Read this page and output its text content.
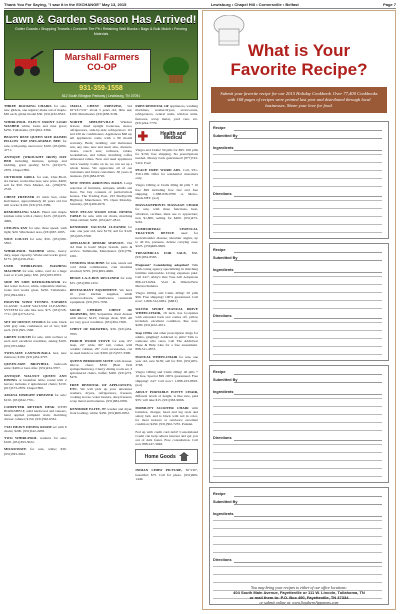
Thank You For Saying, "I saw it in the EXCHANGE" May 13, 2015	Lewisburg • Chapel Hill • Cornersville • Belfast	Page 7
Lawn & Garden Season Has Arrived!
Gutter Guards • Shopping Trowels • Concrete Tire Pit • Retaining Wall Blocks • Bags & Bulk Mulch • Fencing Materials
Marshall Farmers
CO-OP
931-359-1558
812 South Ellington Parkway | Lewisburg, TN 37091

THREE ROCKING CHAIRS for sale, new gliders, one regular; make out of maple. $65 each; glider model $30. (931)232-8522.

WHIRLPOOL ELECT FRONT LOAD WASHER white, looks and runs great; $250. Tullahoma. (931)841-3366.

BEAUTY REST QUEEN SIZE RAISED PILLOW TOP INFLATABLE BED for sale, with pump, used once; $100. (931)684-4771.

ANTIQUE (WROUGHT IRON) DAY BED including mattress, springs and bedding, great quality; $175. (615)573-2879. Chapel Hill.

OUTDOOR GRILL for sale, Char-Broil, six burner, works like new, new price, $400; sell for $50. New Market, AL. (256)379-2518.

CHEST FREEZER 25 cubic feet, older Kelvinator, approximately 40 years old but still works; $100. (931)722-3389.

REMODELING SALE. Hand and maple kitchen table with 4 chairs; $125. (931)433-4969.

CEILING FAN for sale, three speed, with light; $20. Winchester area. (931)967-1695.

NICE COUCH for sale; $50. (931)580-5852.

WHIRLPOOL WASHER white, heavy duty, super capacity. Works and works great; $175. (931)259-2541.

USED WHIRLPOOL WASHING MACHINE for sale, white, can't do a huge load or it will jump; $50. (931)583-8703.

SIDE BY SIDE REFRIGERATOR ice and water in door, white, adjustable shelves, looks and works great, $250. Tullahoma. (931)394-9021.

HOOVER WIND TUNNEL T-SERIES CLASSIC 3-AMP VACUUM CLEANING SYSTEM for sale like new, $75. (931)728-7711. (931)273-6174.

SET OF OFFICE STOOLS for sale, black with gray side, cushioned, set of two; $40 each. (931)595-1568.

GREEN COUCH for sale, with recliner at each end; excellent condition, asking $100. (931)703-6662.

TWIN-SIZE CANNON-BALL bed, new mattress; $100. (931)434-3707.

QUEEN-SIZE BROYHILL bedroom suite; $400 or best offer. (931)434-3707.

ANTIQUE WALNUT QUEEN ANN DINING or breakfast table, round with 2 leaves; includes 2 upholstered chairs; $150. (615)573-2879. Chapel Hill.

AMANA UPRIGHT FREEZER for sale; $150. (931)842-7701.

COMPUTER RETURN DESK WITH BOOKSHELF, solid hardwood and veneers, hand applied pumpkin stain, matching drawer cabinet; $150. (931)592-6561.

7/181 HEAVY DINING ROOM set with 6 chairs; $200. (931)542-2208.

TWO WHIRLPOOL washers for sale; $100. (931)393-3022.

MICROWAVE for sale, white; $30. (931)393-3022.

SMALL CHEST FREEZER, 5x2 26"x31"x31" about 5 years old, little use; $100. Manchester. (931)636-3109.

NORTH SHELBYVILLE Windsor drawer, dried upright bookcase, stereo, refrigerators, side-by-side refrigerators 110 and 220 air conditioners. Appliances $60 up. All appliances come with a 90 month warranty. Beds; bedding; and mattresses sets, any size, new and used; also, dressers, chairs, couch sets; recliners, tables, bookshelves, end tables; matching coffee tables/end tables. New and used appliances twice weekly. Come on in, we can set up a whole house. We appreciate all of our customers and future customers. 30 years in business. (931)684-8720.

NEW ITEMS ARRIVING DAILY. Large selection of furniture, antiques, smalls and more. We buy contents of partial/whole houses. The Trading Post, 193 Shelbyville Highway, Manchester, TN. Open Monday-Saturday. (931)409-2676.

NICE PECAN WOOD OVAL DINING TABLE for sale, with six chairs, matching china cabinet; $450. (931)427-2812.

KENMORE VACUUM CLEANER for sale, one year old, new $179; sell for $120. (931)205-3768.

APPLIANCE REPAIR SERVICE. The old man is back! Major brands, parts & service. Tullahoma, Manchester. (931)739-2261.

VENDING MACHINE for sale, snack and cold drink combination, coin machine attached; $795. (931)993-4686.

BEIGE LA-Z-BOY RECLINER for sale; $25. (931)389-1452.

RESTAURANT EQUIPMENT. We have all your kitchen supplies, small wares/cookware, smallwares, restaurant equipment. (931)355-7050.

SOLID CHERRY CHEST OF DRAWERS, $80; Serpentine chest dresser with mirror; $125; vintage chair, $50. All are very good condition. (931)364-7368.

CHEST OF DRAWERS, $30. (931)434-7095.

PORCH WOOD STOVE for sale, 65" deep, 24" wide, 60" tall, comes with ceramic cabinet, 26" cord accessories, can be used inside or out; $300. (615)557-3390.

QUEEN BEDROOM SUITE with dresser, mirror, chest; $350 (Best firm springs/mattress). Cherry dining room set, 6 upholstered chairs, buffet; $400. (931)273-8476.

FREE REMOVAL OF APPLIANCES, ETC. We will pick up your unwanted washers, dryers, refrigerators, freezers, cooking stoves, water heaters, deep freezers, scrap metal and batteries. (931)684-0050.

KENMORE ELITE, HE washer and dryer, front loading, white; $450. (931)609-0052.

FREE REMOVAL OF appliances, washing machines, washer/dryers, stove/ovens, refrigerators, central units, window units, furnaces, scrap metal, yard care, etc. (931)244-7779.

Health and Medical

Viagra and Cialis! 50 pills for $95. 100 pills for $150, free shipping. No prescriptions needed. Money back guaranteed! (877)743-5419. Fast!

PEACE FREE WORD ADS. Call, 931-359-1188. Offer for residential customers only.

Viagra 100mg or Cialis 20mg 40 pills + 10 free $99 including free fast and free shipping. 1-888-836-0780 or Metro-Meds.NET. (not)

MASSAGEPRINTS MASSAGE CHAIR for sale, with three functions, heat, vibration, recliner, must see to appreciate; new $1,800, selling for $400. (931)473-9261.

COMFORTRAC CERVICAL TRACTION DEVICE used for neck/shoulder disease, shoulder angles, up to 40 lbs, pressure, deluxe carrying case; $225. (256)469-9605.

TREADMILLS FOR SALE, $50. (931)934-8565.

Pregnant? Considering adoption? Talk with caring agency specializing in matching families nationwide. Living expenses paid. Call 24/7, Abby's One True Gift Adoptions 866-413-6294. Void in Illinois/New Mexico/Indiana.

Viagra 100mg and Cialis 20mg! 50 pills $99. Free shipping! 100% guaranteed. Call now! 1-866-312-6061. (MRT)

SILVER SPORT MANUAL DRIVE WHEELCHAIR, 18 inch, has footplates with extended back rest comes off, pillow included, excellent condition, like new. $200. (931)222-4011.

Stop OTRs and other prescription drugs for adults, gingling? Addicted to pills? Talk to someone who cares. Call The Addiction Hope & Help Line for a free assessment. 888-511-4873.

MANUAL WHEELCHAIR for sale, one year old, new $130; sell for $50. (931)205-3768.

Viagra 100mg and Cialis 20mg! 40 pills + 10 free. Special $99 100% guaranteed. Free shipping! 24/7 Call now! 1-888-223-8818. (not)

ADULT PORTABLE POTTY CHAIR, different levels of height, is like new, paid $35; will take $15. (931)363-9666.

MOBILITY SCOOTER CHAIR with batteries, charger, head and leg rests and safety belt, and is black with red in color, for most indoors or outdoors; excellent condition; $450. (931)302-7235. Pulaski.

Fed up with credit card debt? Consolidated Credit can help relieve interest and get you out of debt faster. Free consultation. Call now 888-247-3048.

Home Goods

INDIAN CHIEF PICTURE, 36"x30", beautiful; $75. Call for photo. (931)609-1446.

What is Your
Favorite Recipe?
Submit your favorite recipe for our 2015 Holiday Cookbook. Over 77,400 Cookbooks with 168 pages of recipes were printed last year and distributed through local businesses. Share your love for food.
Recipe
Submitted By
Ingredients
Directions
Recipe
Submitted By
Ingredients
Directions
Recipe
Submitted By
Ingredients
Directions
Recipe
Submitted By
Ingredients
Directions
You may bring your recipes to either of our office locations:
404 South Main Avenue, Fayetteville or 111 W. Lincoln, Tullahoma, TN
or mail them to: P.O. Box 490, Fayetteville, TN 37334
or submit online at: www.SouthernApparons.com
